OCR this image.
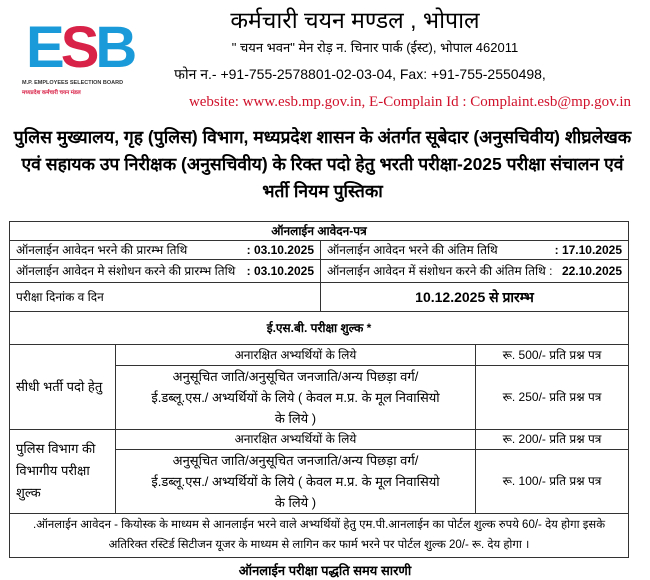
ESB
M.P. EMPLOYEES SELECTION BOARD
मध्यप्रदेश कर्मचारी चयन मंडल
कर्मचारी चयन मण्डल , भोपाल
" चयन भवन" मेन रोड़ न. चिनार पार्क (ईस्ट), भोपाल 462011
फोन न.- +91-755-2578801-02-03-04, Fax: +91-755-2550498,
website: www.esb.mp.gov.in, E-Complain Id : Complaint.esb@mp.gov.in
पुलिस मुख्यालय, गृह (पुलिस) विभाग, मध्यप्रदेश शासन के अंतर्गत सूबेदार (अनुसचिवीय) शीघ्रलेखक एवं सहायक उप निरीक्षक (अनुसचिवीय) के रिक्त पदो हेतु भरती परीक्षा-2025 परीक्षा संचालन एवं भर्ती नियम पुस्तिका
ऑनलाईन आवेदन-पत्र	

ऑनलाईन आवेदन भरने की प्रारम्भ तिथि : 03.10.2025	ऑनलाईन आवेदन भरने की अंतिम तिथि : 17.10.2025

ऑनलाईन आवेदन मे संशोधन करने की प्रारम्भ तिथि : 03.10.2025	ऑनलाईन आवेदन में संशोधन करने की अंतिम तिथि : 22.10.2025

परीक्षा दिनांक व दिन	10.12.2025 से प्रारम्भ
ई.एस.बी. परीक्षा शुल्क *		
सीधी भर्ती पदो हेतु	अनारक्षित अभ्यर्थियों के लिये	रू. 500/- प्रति प्रश्न पत्र
	अनुसूचित जाति/अनुसूचित जनजाति/अन्य पिछड़ा वर्ग/ ई.डब्लू.एस./ अभ्यर्थियों के लिये ( केवल म.प्र. के मूल निवासियो के लिये )	रू. 250/- प्रति प्रश्न पत्र
पुलिस विभाग की विभागीय परीक्षा शुल्क	अनारक्षित अभ्यर्थियों के लिये	रू. 200/- प्रति प्रश्न पत्र
	अनुसूचित जाति/अनुसूचित जनजाति/अन्य पिछड़ा वर्ग/ ई.डब्लू.एस./ अभ्यर्थियों के लिये ( केवल म.प्र. के मूल निवासियो के लिये )	रू. 100/- प्रति प्रश्न पत्र
.ऑनलाईन आवेदन - कियोस्क के माध्यम से आनलाईन भरने वाले अभ्यर्थियों हेतु एम.पी.आनलाईन का पोर्टल शुल्क रुपये 60/- देय होगा इसके अतिरिक्त रस्टिर्ड सिटीजन यूजर के माध्यम से लागिन कर फार्म भरने पर पोर्टल शुल्क 20/- रू. देय होगा ।		
ऑनलाईन परीक्षा पद्धति समय सारणी
